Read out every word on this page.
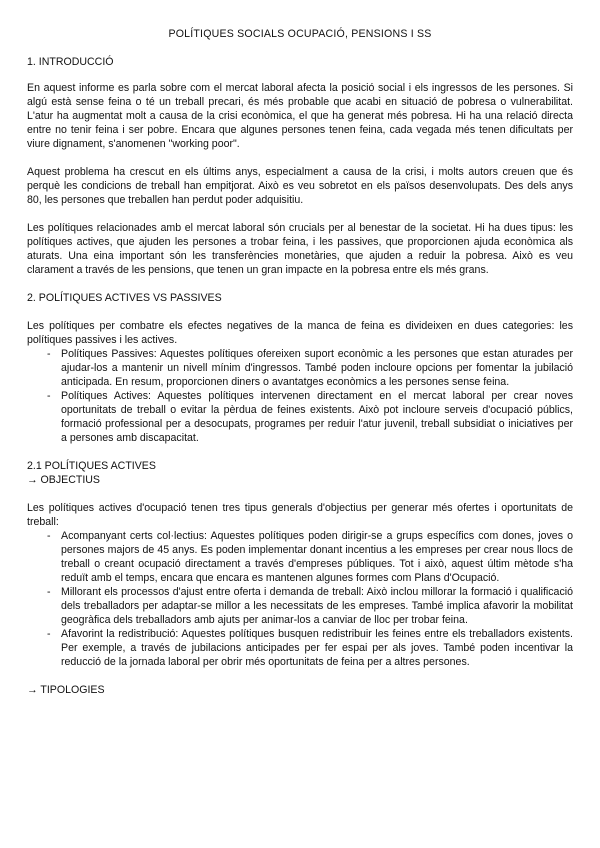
POLÍTIQUES SOCIALS OCUPACIÓ, PENSIONS I SS

1. INTRODUCCIÓ

En aquest informe es parla sobre com el mercat laboral afecta la posició social i els ingressos de les persones. Si algú està sense feina o té un treball precari, és més probable que acabi en situació de pobresa o vulnerabilitat. L'atur ha augmentat molt a causa de la crisi econòmica, el que ha generat més pobresa. Hi ha una relació directa entre no tenir feina i ser pobre. Encara que algunes persones tenen feina, cada vegada més tenen dificultats per viure dignament, s'anomenen "working poor".

Aquest problema ha crescut en els últims anys, especialment a causa de la crisi, i molts autors creuen que és perquè les condicions de treball han empitjorat. Això es veu sobretot en els països desenvolupats. Des dels anys 80, les persones que treballen han perdut poder adquisitiu.

Les polítiques relacionades amb el mercat laboral són crucials per al benestar de la societat. Hi ha dues tipus: les polítiques actives, que ajuden les persones a trobar feina, i les passives, que proporcionen ajuda econòmica als aturats. Una eina important són les transferències monetàries, que ajuden a reduir la pobresa. Això es veu clarament a través de les pensions, que tenen un gran impacte en la pobresa entre els més grans.

2. POLÍTIQUES ACTIVES VS PASSIVES

Les polítiques per combatre els efectes negatives de la manca de feina es divideixen en dues categories: les polítiques passives i les actives.

- Polítiques Passives: Aquestes polítiques ofereixen suport econòmic a les persones que estan aturades per ajudar-los a mantenir un nivell mínim d'ingressos. També poden incloure opcions per fomentar la jubilació anticipada. En resum, proporcionen diners o avantatges econòmics a les persones sense feina.
- Polítiques Actives: Aquestes polítiques intervenen directament en el mercat laboral per crear noves oportunitats de treball o evitar la pèrdua de feines existents. Això pot incloure serveis d'ocupació públics, formació professional per a desocupats, programes per reduir l'atur juvenil, treball subsidiat o iniciatives per a persones amb discapacitat.

2.1 POLÍTIQUES ACTIVES

→ OBJECTIUS

Les polítiques actives d'ocupació tenen tres tipus generals d'objectius per generar més ofertes i oportunitats de treball:

- Acompanyant certs col·lectius: Aquestes polítiques poden dirigir-se a grups específics com dones, joves o persones majors de 45 anys. Es poden implementar donant incentius a les empreses per crear nous llocs de treball o creant ocupació directament a través d'empreses públiques. Tot i això, aquest últim mètode s'ha reduït amb el temps, encara que encara es mantenen algunes formes com Plans d'Ocupació.
- Millorant els processos d'ajust entre oferta i demanda de treball: Això inclou millorar la formació i qualificació dels treballadors per adaptar-se millor a les necessitats de les empreses. També implica afavorir la mobilitat geogràfica dels treballadors amb ajuts per animar-los a canviar de lloc per trobar feina.
- Afavorint la redistribució: Aquestes polítiques busquen redistribuir les feines entre els treballadors existents. Per exemple, a través de jubilacions anticipades per fer espai per als joves. També poden incentivar la reducció de la jornada laboral per obrir més oportunitats de feina per a altres persones.

→ TIPOLOGIES
